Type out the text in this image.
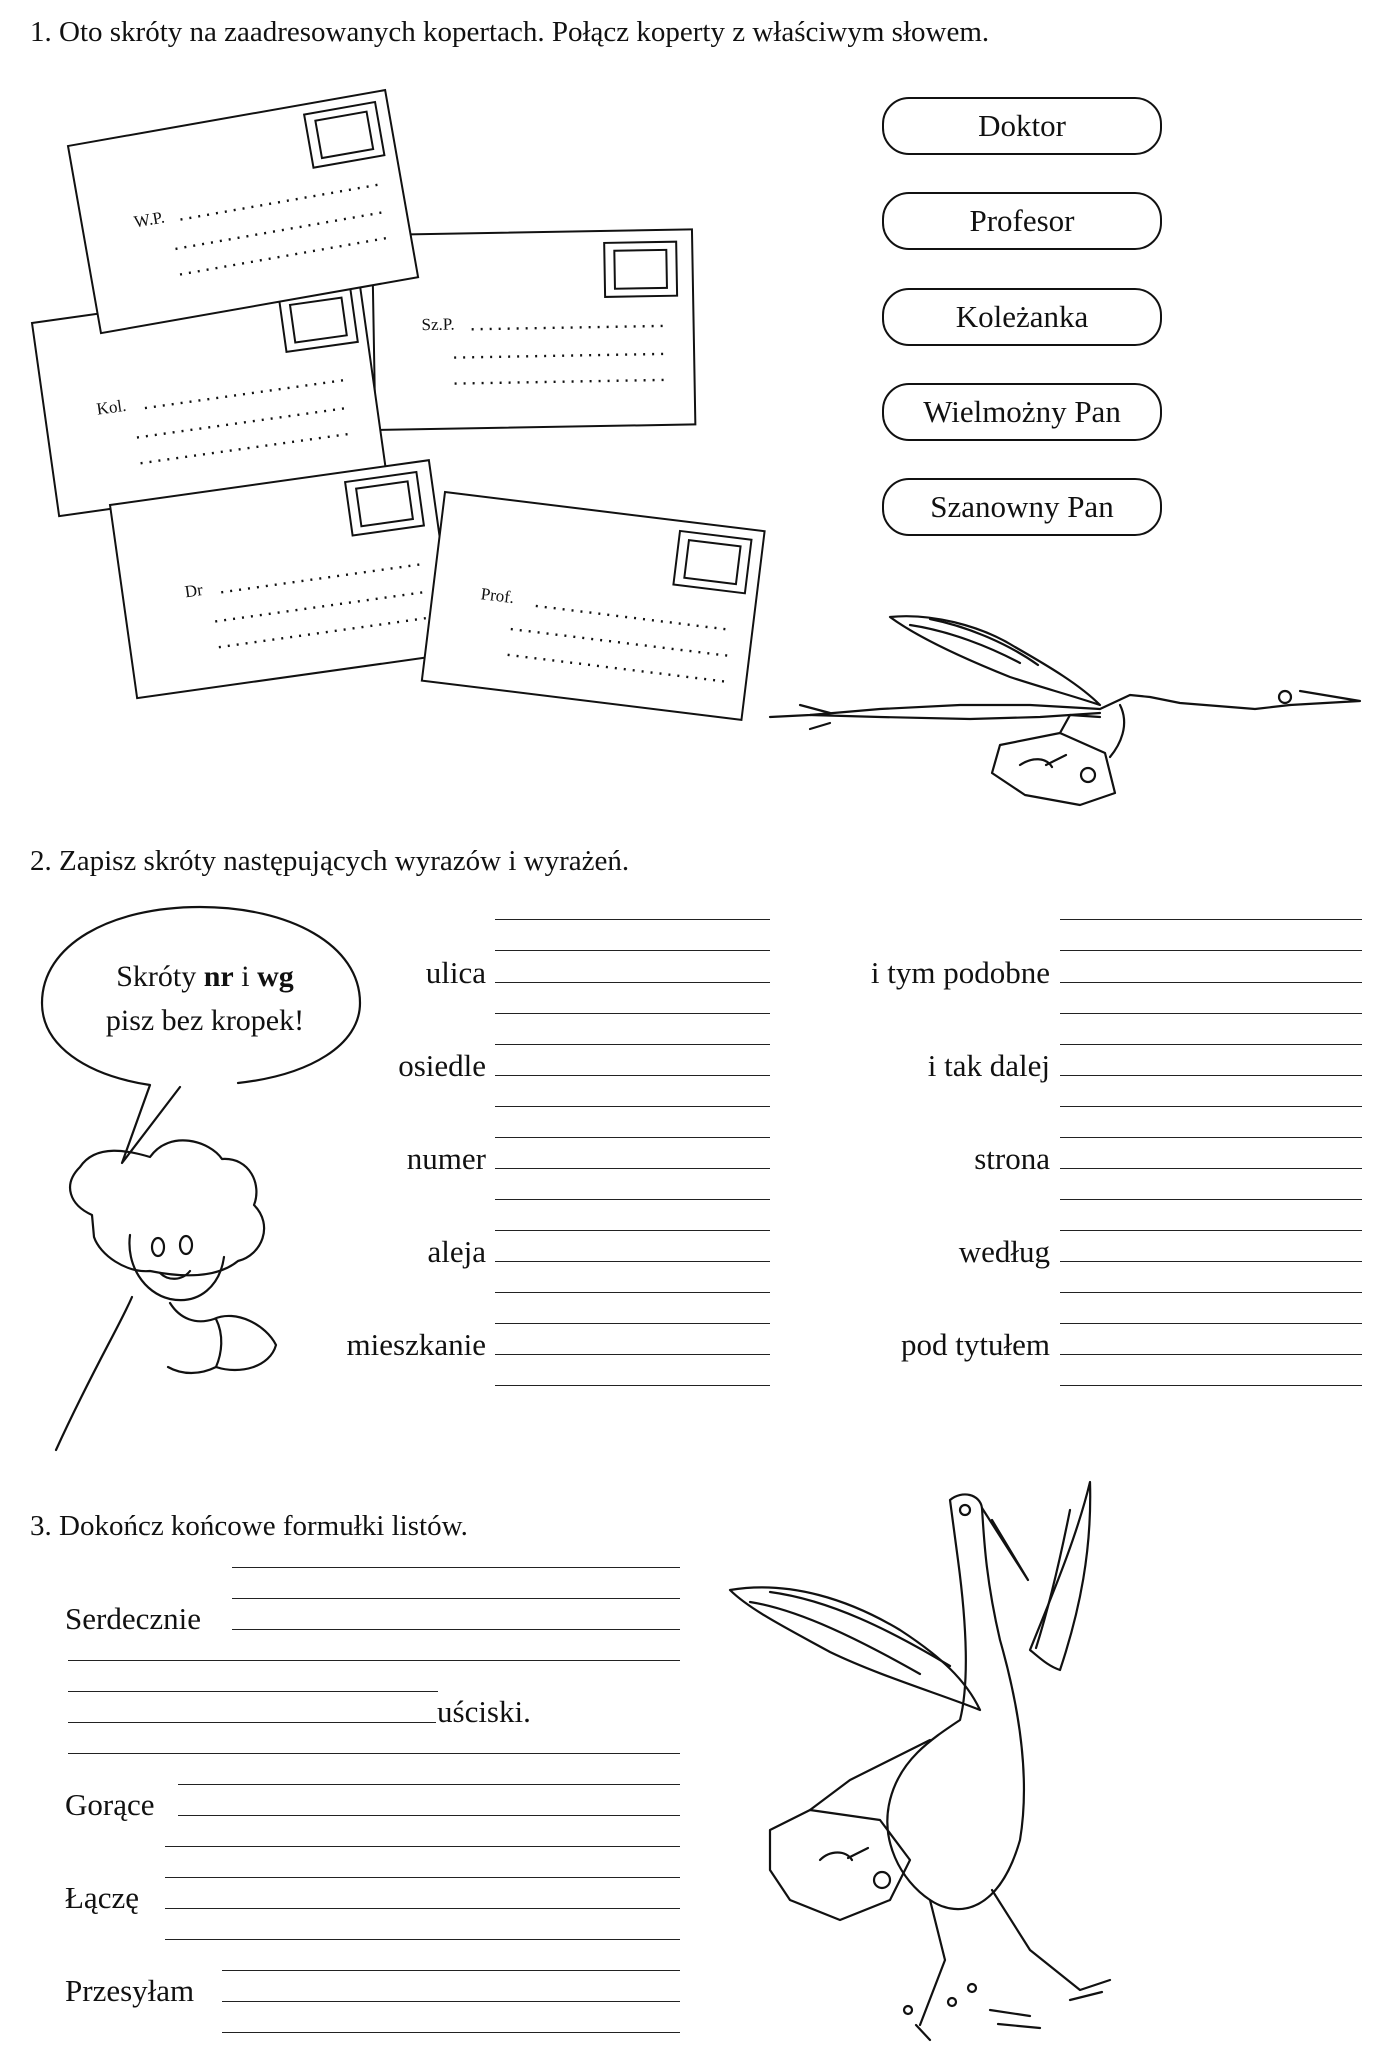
1. Oto skróty na zaadresowanych kopertach. Połącz koperty z właściwym słowem.
Sz.P.
Kol.
W.P.
Dr	Prof.
Doktor
Profesor
Koleżanka
Wielmożny Pan
Szanowny Pan
2. Zapisz skróty następujących wyrazów i wyrażeń.
Skróty nr i wg
pisz bez kropek!
ulica
osiedle
numer
aleja
mieszkanie
i tym podobne
i tak dalej
strona
według
pod tytułem
3. Dokończ końcowe formułki listów.
Serdecznie
uściski.
Gorące
Łączę
Przesyłam
